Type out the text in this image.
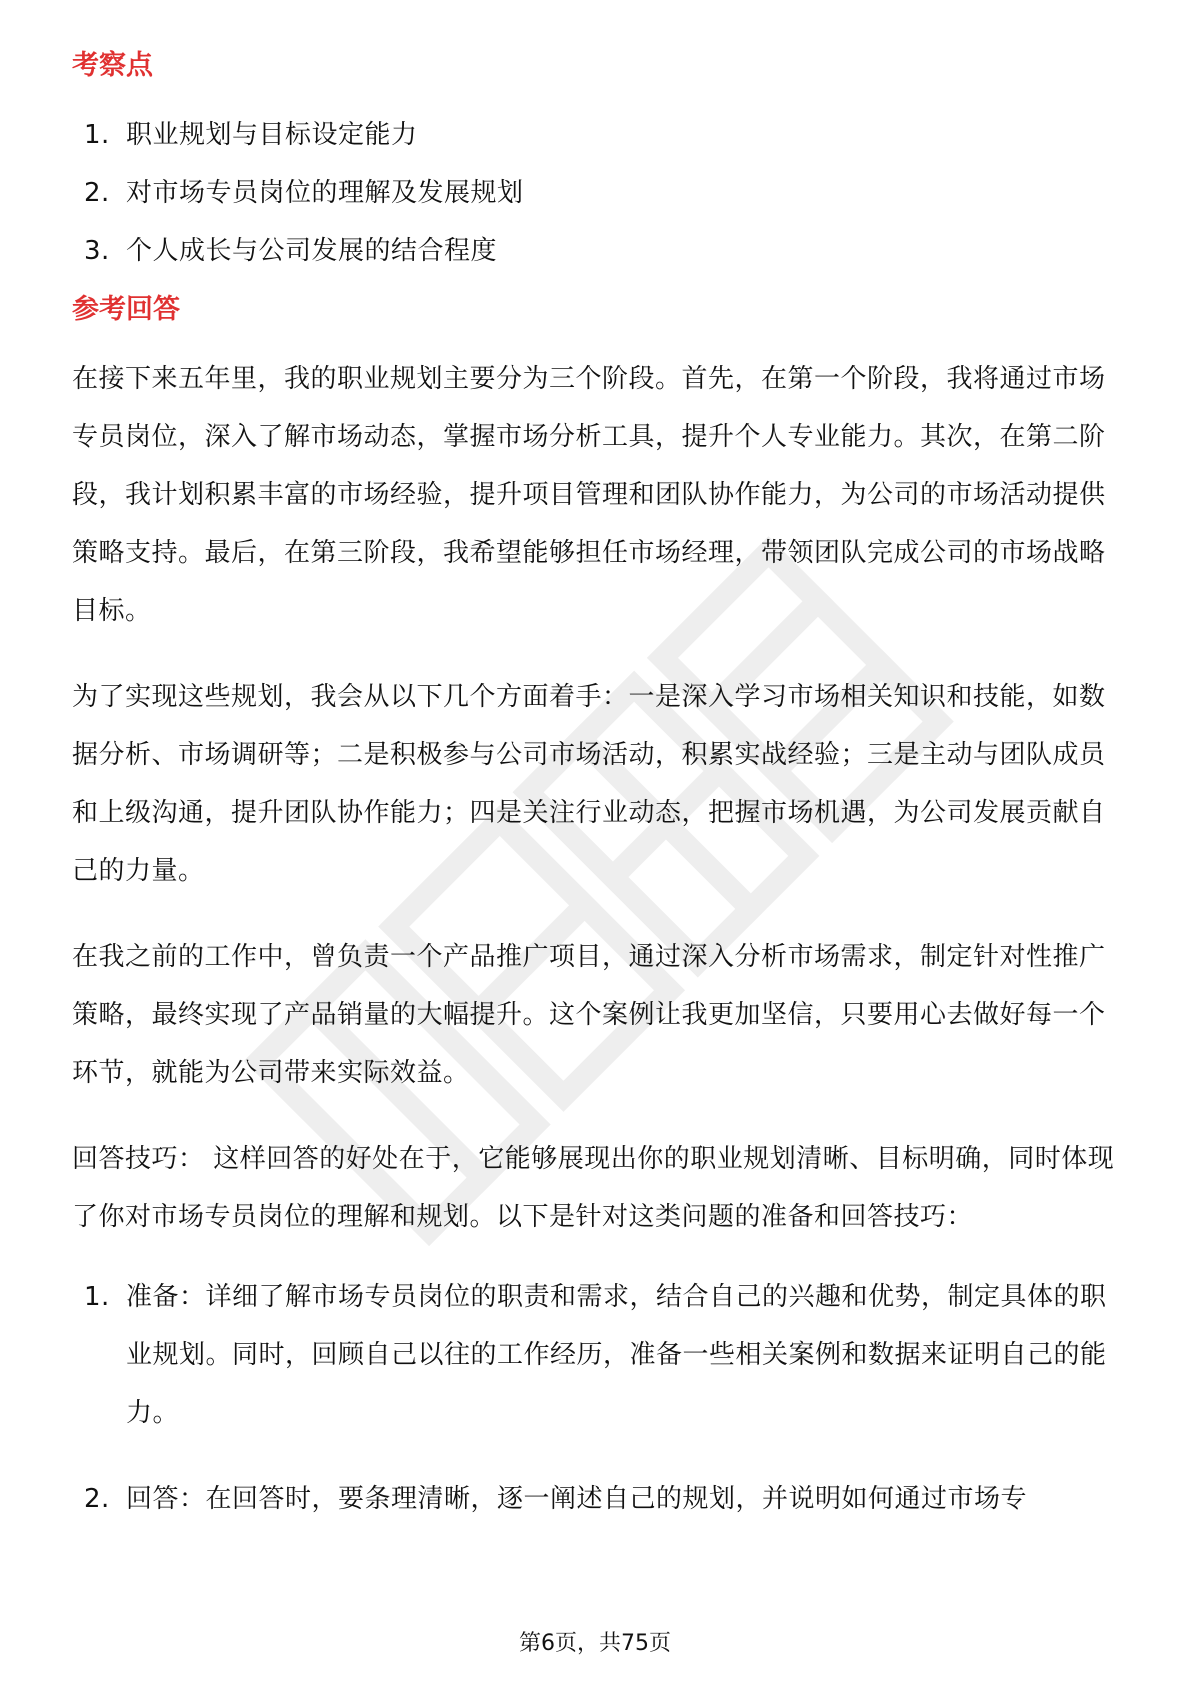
考察点
1. 职业规划与目标设定能力
2. 对市场专员岗位的理解及发展规划
3. 个人成长与公司发展的结合程度
参考回答

在接下来五年里，我的职业规划主要分为三个阶段。首先，在第一个阶段，我将通过市场专员岗位，深入了解市场动态，掌握市场分析工具，提升个人专业能力。其次，在第二阶段，我计划积累丰富的市场经验，提升项目管理和团队协作能力，为公司的市场活动提供策略支持。最后，在第三阶段，我希望能够担任市场经理，带领团队完成公司的市场战略目标。

为了实现这些规划，我会从以下几个方面着手：一是深入学习市场相关知识和技能，如数据分析、市场调研等；二是积极参与公司市场活动，积累实战经验；三是主动与团队成员和上级沟通，提升团队协作能力；四是关注行业动态，把握市场机遇，为公司发展贡献自己的力量。

在我之前的工作中，曾负责一个产品推广项目，通过深入分析市场需求，制定针对性推广策略，最终实现了产品销量的大幅提升。这个案例让我更加坚信，只要用心去做好每一个环节，就能为公司带来实际效益。

回答技巧： 这样回答的好处在于，它能够展现出你的职业规划清晰、目标明确，同时体现了你对市场专员岗位的理解和规划。以下是针对这类问题的准备和回答技巧：

1. 准备：详细了解市场专员岗位的职责和需求，结合自己的兴趣和优势，制定具体的职业规划。同时，回顾自己以往的工作经历，准备一些相关案例和数据来证明自己的能力。
2. 回答：在回答时，要条理清晰，逐一阐述自己的规划，并说明如何通过市场专
第6页，共75页
